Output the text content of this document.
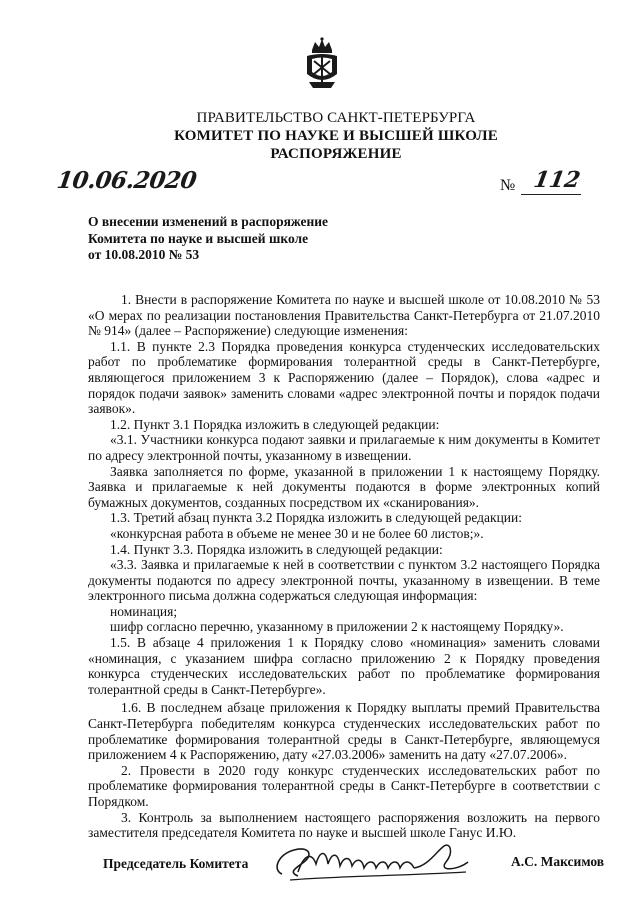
ПРАВИТЕЛЬСТВО САНКТ-ПЕТЕРБУРГА
КОМИТЕТ ПО НАУКЕ И ВЫСШЕЙ ШКОЛЕ
РАСПОРЯЖЕНИЕ
10.06.2020	№ 112
О внесении изменений в распоряжение
Комитета по науке и высшей школе
от 10.08.2010 № 53

1. Внести в распоряжение Комитета по науке и высшей школе от 10.08.2010 № 53 «О мерах по реализации постановления Правительства Санкт-Петербурга от 21.07.2010 № 914» (далее – Распоряжение) следующие изменения:

1.1. В пункте 2.3 Порядка проведения конкурса студенческих исследовательских работ по проблематике формирования толерантной среды в Санкт-Петербурге, являющегося приложением 3 к Распоряжению (далее – Порядок), слова «адрес и порядок подачи заявок» заменить словами «адрес электронной почты и порядок подачи заявок».

1.2. Пункт 3.1 Порядка изложить в следующей редакции:

«3.1. Участники конкурса подают заявки и прилагаемые к ним документы в Комитет по адресу электронной почты, указанному в извещении.

Заявка заполняется по форме, указанной в приложении 1 к настоящему Порядку. Заявка и прилагаемые к ней документы подаются в форме электронных копий бумажных документов, созданных посредством их «сканирования».

1.3. Третий абзац пункта 3.2 Порядка изложить в следующей редакции:

«конкурсная работа в объеме не менее 30 и не более 60 листов;».

1.4. Пункт 3.3. Порядка изложить в следующей редакции:

«3.3. Заявка и прилагаемые к ней в соответствии с пунктом 3.2 настоящего Порядка документы подаются по адресу электронной почты, указанному в извещении. В теме электронного письма должна содержаться следующая информация:

номинация;

шифр согласно перечню, указанному в приложении 2 к настоящему Порядку».

1.5. В абзаце 4 приложения 1 к Порядку слово «номинация» заменить словами «номинация, с указанием шифра согласно приложению 2 к Порядку проведения конкурса студенческих исследовательских работ по проблематике формирования толерантной среды в Санкт-Петербурге».

1.6. В последнем абзаце приложения к Порядку выплаты премий Правительства Санкт-Петербурга победителям конкурса студенческих исследовательских работ по проблематике формирования толерантной среды в Санкт-Петербурге, являющемуся приложением 4 к Распоряжению, дату «27.03.2006» заменить на дату «27.07.2006».

2. Провести в 2020 году конкурс студенческих исследовательских работ по проблематике формирования толерантной среды в Санкт-Петербурге в соответствии с Порядком.

3. Контроль за выполнением настоящего распоряжения возложить на первого заместителя председателя Комитета по науке и высшей школе Ганус И.Ю.

Председатель Комитета	А.С. Максимов
